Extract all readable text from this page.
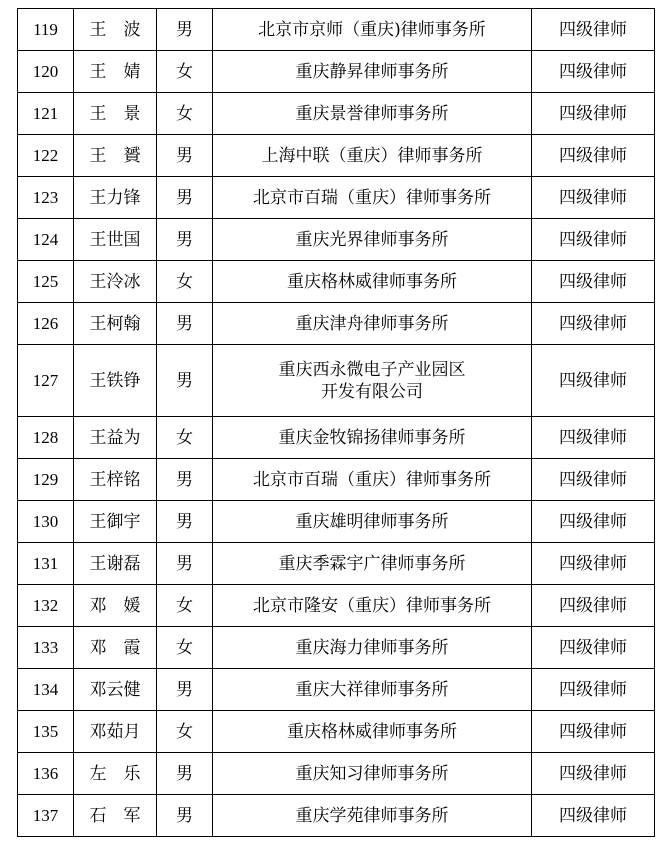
119	王　波	男	北京市京师（重庆)律师事务所	四级律师
120	王　婧	女	重庆静昇律师事务所	四级律师
121	王　景	女	重庆景誉律师事务所	四级律师
122	王　贇	男	上海中联（重庆）律师事务所	四级律师
123	王力锋	男	北京市百瑞（重庆）律师事务所	四级律师
124	王世国	男	重庆光界律师事务所	四级律师
125	王泠冰	女	重庆格林威律师事务所	四级律师
126	王柯翰	男	重庆津舟律师事务所	四级律师
127	王铁铮	男	重庆西永微电子产业园区
开发有限公司	四级律师
128	王益为	女	重庆金牧锦扬律师事务所	四级律师
129	王梓铭	男	北京市百瑞（重庆）律师事务所	四级律师
130	王御宇	男	重庆雄明律师事务所	四级律师
131	王谢磊	男	重庆季霖宇广律师事务所	四级律师
132	邓　媛	女	北京市隆安（重庆）律师事务所	四级律师
133	邓　霞	女	重庆海力律师事务所	四级律师
134	邓云健	男	重庆大祥律师事务所	四级律师
135	邓茹月	女	重庆格林威律师事务所	四级律师
136	左　乐	男	重庆知习律师事务所	四级律师
137	石　军	男	重庆学苑律师事务所	四级律师
